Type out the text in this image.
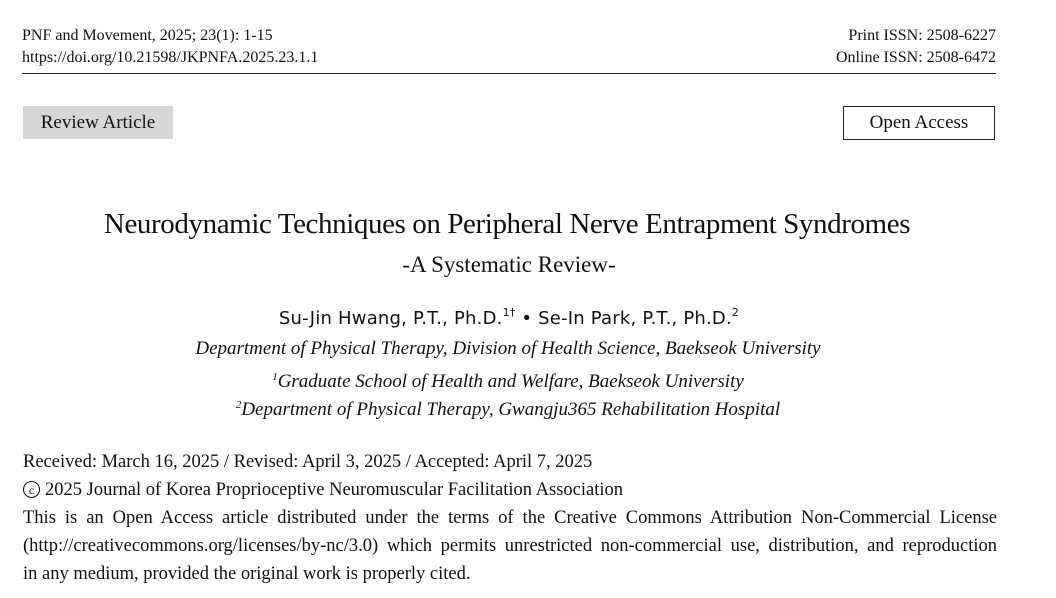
PNF and Movement, 2025; 23(1): 1-15
https://doi.org/10.21598/JKPNFA.2025.23.1.1
Print ISSN: 2508-6227
Online ISSN: 2508-6472
Review Article	Open Access
Neurodynamic Techniques on Peripheral Nerve Entrapment Syndromes
-A Systematic Review-
Su-Jin Hwang, P.T., Ph.D.$^{1\dagger}$ • Se-In Park, P.T., Ph.D.$^2$
Department of Physical Therapy, Division of Health Science, Baekseok University
$^1$Graduate School of Health and Welfare, Baekseok University
$^2$Department of Physical Therapy, Gwangju365 Rehabilitation Hospital
Received: March 16, 2025 / Revised: April 3, 2025 / Accepted: April 7, 2025
c 2025 Journal of Korea Proprioceptive Neuromuscular Facilitation Association
This is an Open Access article distributed under the terms of the Creative Commons Attribution Non-Commercial License
(http://creativecommons.org/licenses/by-nc/3.0) which permits unrestricted non-commercial use, distribution, and reproduction
in any medium, provided the original work is properly cited.
